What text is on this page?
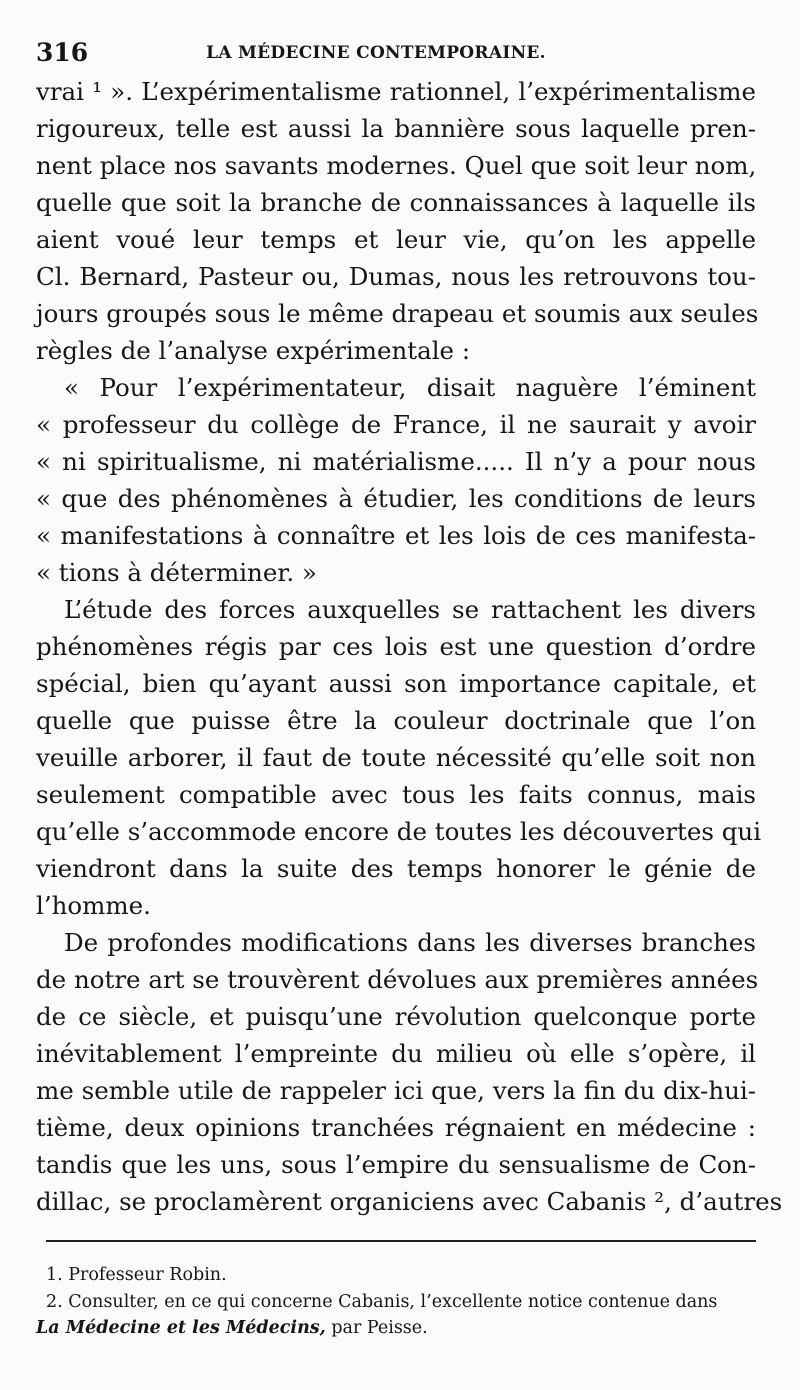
316	LA MÉDECINE CONTEMPORAINE.
vrai ¹ ». L’expérimentalisme rationnel, l’expérimentalisme
rigoureux, telle est aussi la bannière sous laquelle pren-
nent place nos savants modernes. Quel que soit leur nom,
quelle que soit la branche de connaissances à laquelle ils
aient voué leur temps et leur vie, qu’on les appelle
Cl. Bernard, Pasteur ou, Dumas, nous les retrouvons tou-
jours groupés sous le même drapeau et soumis aux seules
règles de l’analyse expérimentale :
« Pour l’expérimentateur, disait naguère l’éminent
« professeur du collège de France, il ne saurait y avoir
« ni spiritualisme, ni matérialisme..... Il n’y a pour nous
« que des phénomènes à étudier, les conditions de leurs
« manifestations à connaître et les lois de ces manifesta-
« tions à déterminer. »
L’étude des forces auxquelles se rattachent les divers
phénomènes régis par ces lois est une question d’ordre
spécial, bien qu’ayant aussi son importance capitale, et
quelle que puisse être la couleur doctrinale que l’on
veuille arborer, il faut de toute nécessité qu’elle soit non
seulement compatible avec tous les faits connus, mais
qu’elle s’accommode encore de toutes les découvertes qui
viendront dans la suite des temps honorer le génie de
l’homme.
De profondes modifications dans les diverses branches
de notre art se trouvèrent dévolues aux premières années
de ce siècle, et puisqu’une révolution quelconque porte
inévitablement l’empreinte du milieu où elle s’opère, il
me semble utile de rappeler ici que, vers la fin du dix-hui-
tième, deux opinions tranchées régnaient en médecine :
tandis que les uns, sous l’empire du sensualisme de Con-
dillac, se proclamèrent organiciens avec Cabanis ², d’autres
1. Professeur Robin.
2. Consulter, en ce qui concerne Cabanis, l’excellente notice contenue dans
La Médecine et les Médecins, par Peisse.
